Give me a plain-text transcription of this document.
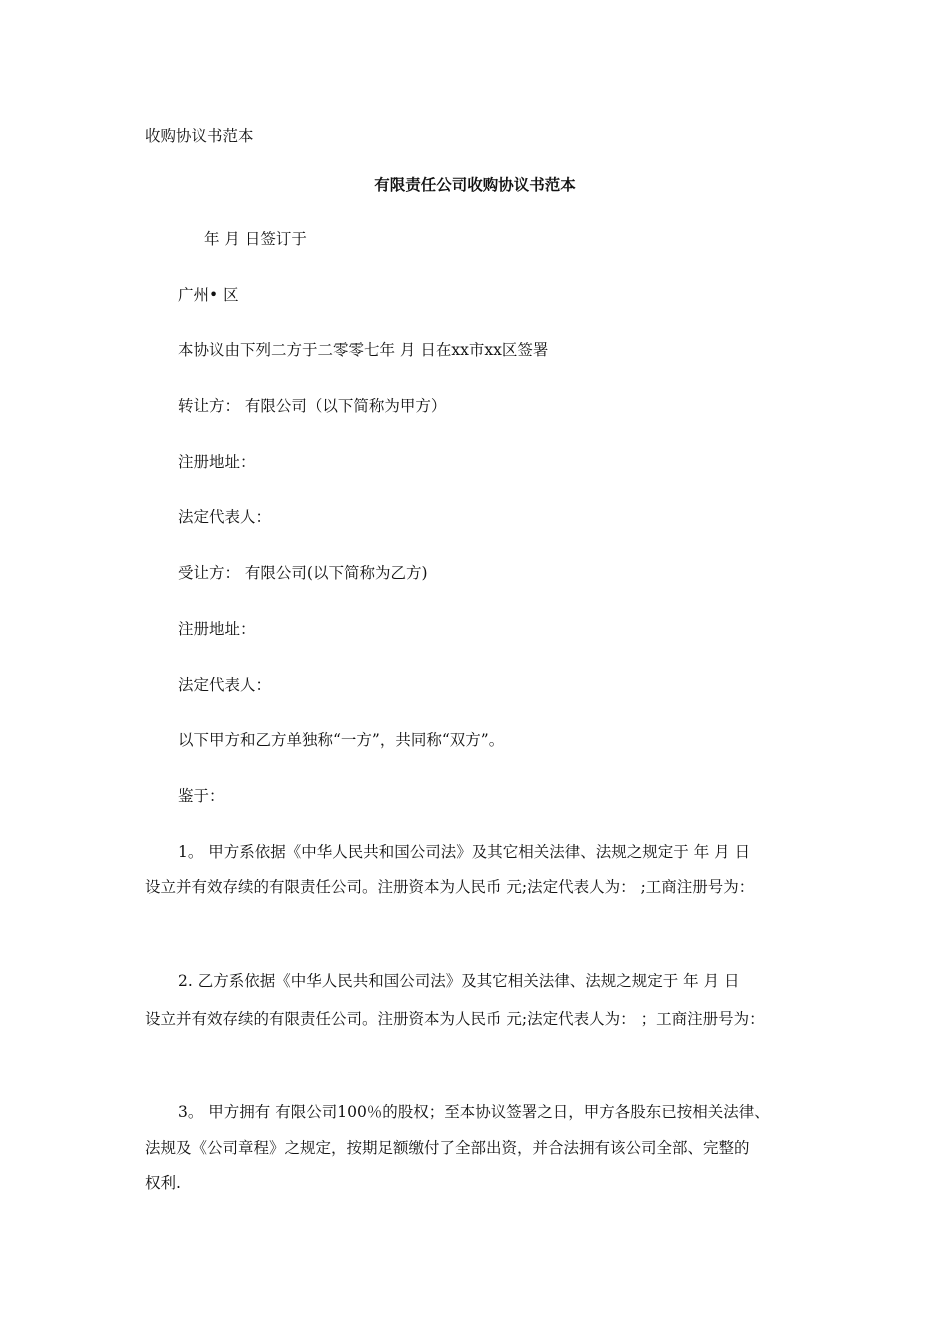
收购协议书范本
有限责任公司收购协议书范本
年 月 日签订于
广州• 区
本协议由下列二方于二零零七年 月 日在xx市xx区签署
转让方： 有限公司（以下简称为甲方）
注册地址：
法定代表人：
受让方： 有限公司(以下简称为乙方)
注册地址：
法定代表人：
以下甲方和乙方单独称“一方”，共同称“双方”。
鉴于：
1。 甲方系依据《中华人民共和国公司法》及其它相关法律、法规之规定于 年 月 日
设立并有效存续的有限责任公司。注册资本为人民币 元;法定代表人为： ;工商注册号为：
2. 乙方系依据《中华人民共和国公司法》及其它相关法律、法规之规定于 年 月 日
设立并有效存续的有限责任公司。注册资本为人民币 元;法定代表人为： ；工商注册号为：
3。 甲方拥有 有限公司100％的股权；至本协议签署之日，甲方各股东已按相关法律、
法规及《公司章程》之规定，按期足额缴付了全部出资，并合法拥有该公司全部、完整的
权利.
